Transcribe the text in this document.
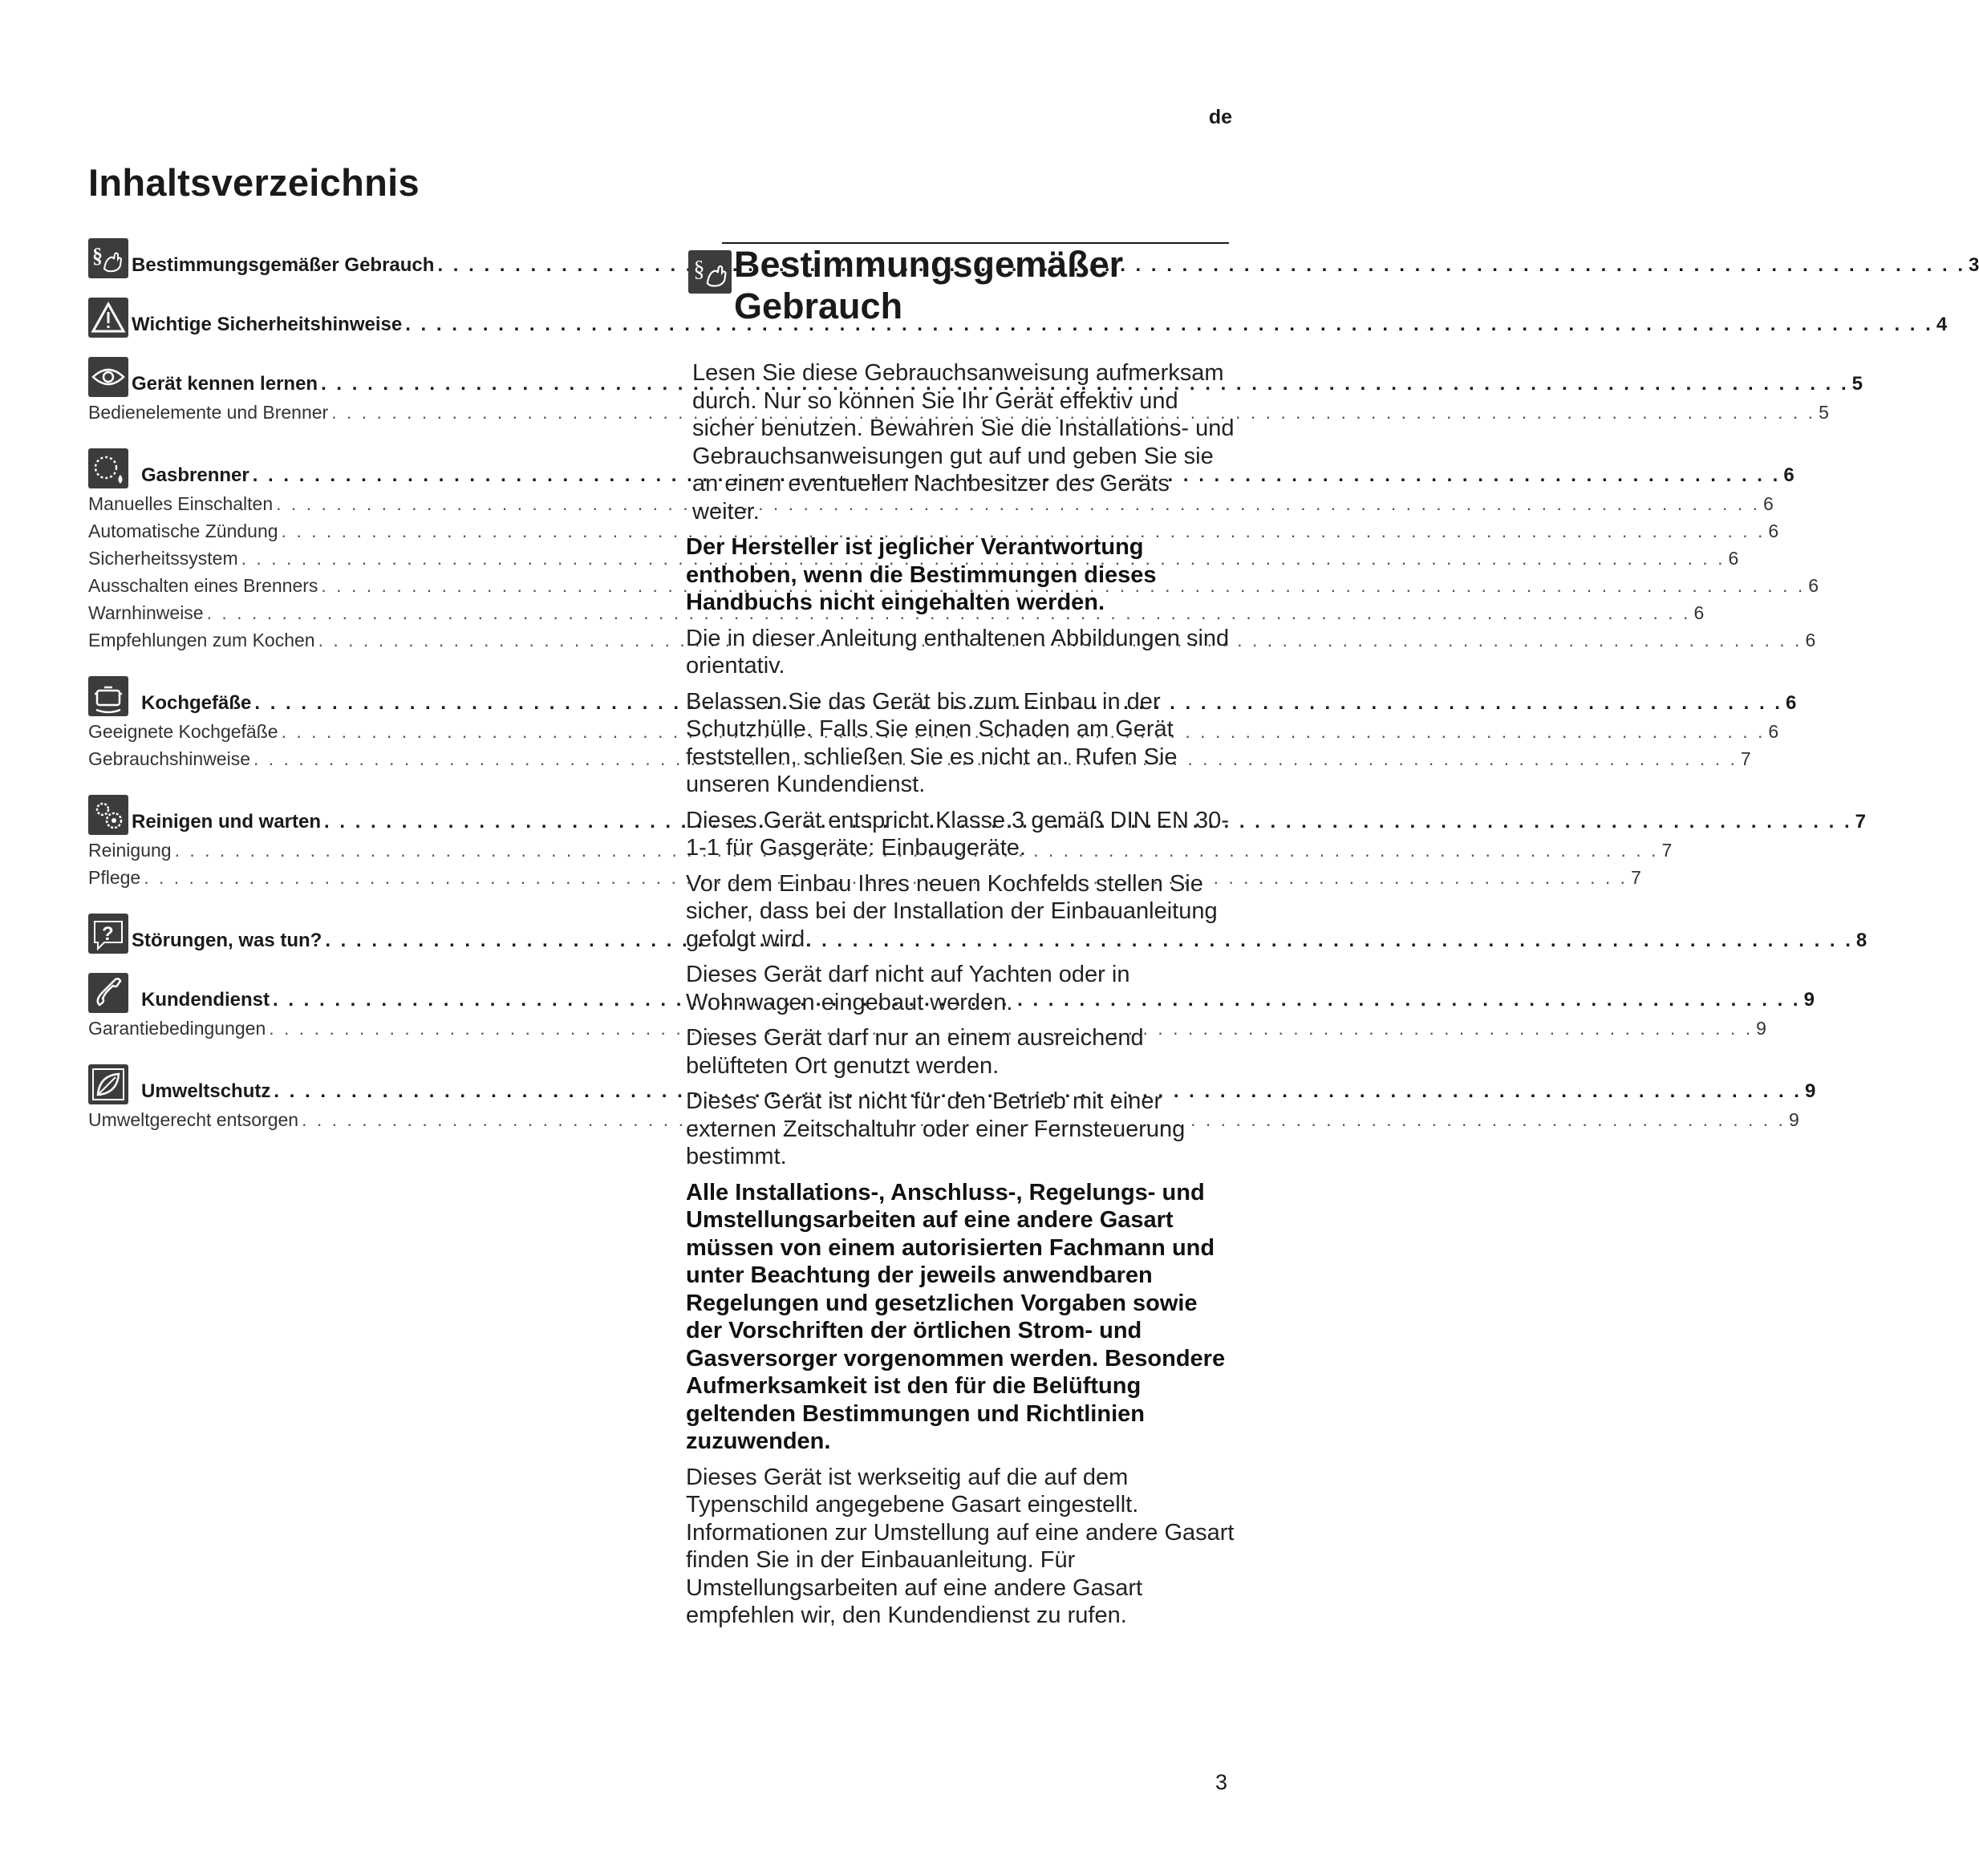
de
Inhaltsverzeichnis
§ Bestimmungsgemäßer Gebrauch . . .	3
Wichtige Sicherheitshinweise . . .	4
Gerät kennen lernen . . .	5
Bedienelemente und Brenner . . .	5
Gasbrenner . . .	6
Manuelles Einschalten . . .	6
Automatische Zündung . . .	6
Sicherheitssystem . . .	6
Ausschalten eines Brenners . . .	6
Warnhinweise . . .	6
Empfehlungen zum Kochen . . .	6
Kochgefäße . . .	6
Geeignete Kochgefäße . . .	6
Gebrauchshinweise . . .	7
Reinigen und warten . . .	7
Reinigung . . .	7
Pflege . . .	7
? Störungen, was tun? . . .	8
Kundendienst . . .	9
Garantiebedingungen . . .	9
Umweltschutz . . .	9
Umweltgerecht entsorgen . . .	9
§ Bestimmungsgemäßer
Gebrauch

Lesen Sie diese Gebrauchsanweisung aufmerksam durch. Nur so können Sie Ihr Gerät effektiv und sicher benutzen. Bewahren Sie die Installations- und Gebrauchsanweisungen gut auf und geben Sie sie an einen eventuellen Nachbesitzer des Geräts weiter.

Der Hersteller ist jeglicher Verantwortung enthoben, wenn die Bestimmungen dieses Handbuchs nicht eingehalten werden.

Die in dieser Anleitung enthaltenen Abbildungen sind orientativ.

Belassen Sie das Gerät bis zum Einbau in der Schutzhülle. Falls Sie einen Schaden am Gerät feststellen, schließen Sie es nicht an. Rufen Sie unseren Kundendienst.

Dieses Gerät entspricht Klasse 3 gemäß DIN EN 30-1-1 für Gasgeräte: Einbaugeräte.

Vor dem Einbau Ihres neuen Kochfelds stellen Sie sicher, dass bei der Installation der Einbauanleitung gefolgt wird.

Dieses Gerät darf nicht auf Yachten oder in Wohnwagen eingebaut werden.

Dieses Gerät darf nur an einem ausreichend belüfteten Ort genutzt werden.

Dieses Gerät ist nicht für den Betrieb mit einer externen Zeitschaltuhr oder einer Fernsteuerung bestimmt.

Alle Installations-, Anschluss-, Regelungs- und Umstellungsarbeiten auf eine andere Gasart müssen von einem autorisierten Fachmann und unter Beachtung der jeweils anwendbaren Regelungen und gesetzlichen Vorgaben sowie der Vorschriften der örtlichen Strom- und Gasversorger vorgenommen werden. Besondere Aufmerksamkeit ist den für die Belüftung geltenden Bestimmungen und Richtlinien zuzuwenden.

Dieses Gerät ist werkseitig auf die auf dem Typenschild angegebene Gasart eingestellt. Informationen zur Umstellung auf eine andere Gasart finden Sie in der Einbauanleitung. Für Umstellungsarbeiten auf eine andere Gasart empfehlen wir, den Kundendienst zu rufen.

3
